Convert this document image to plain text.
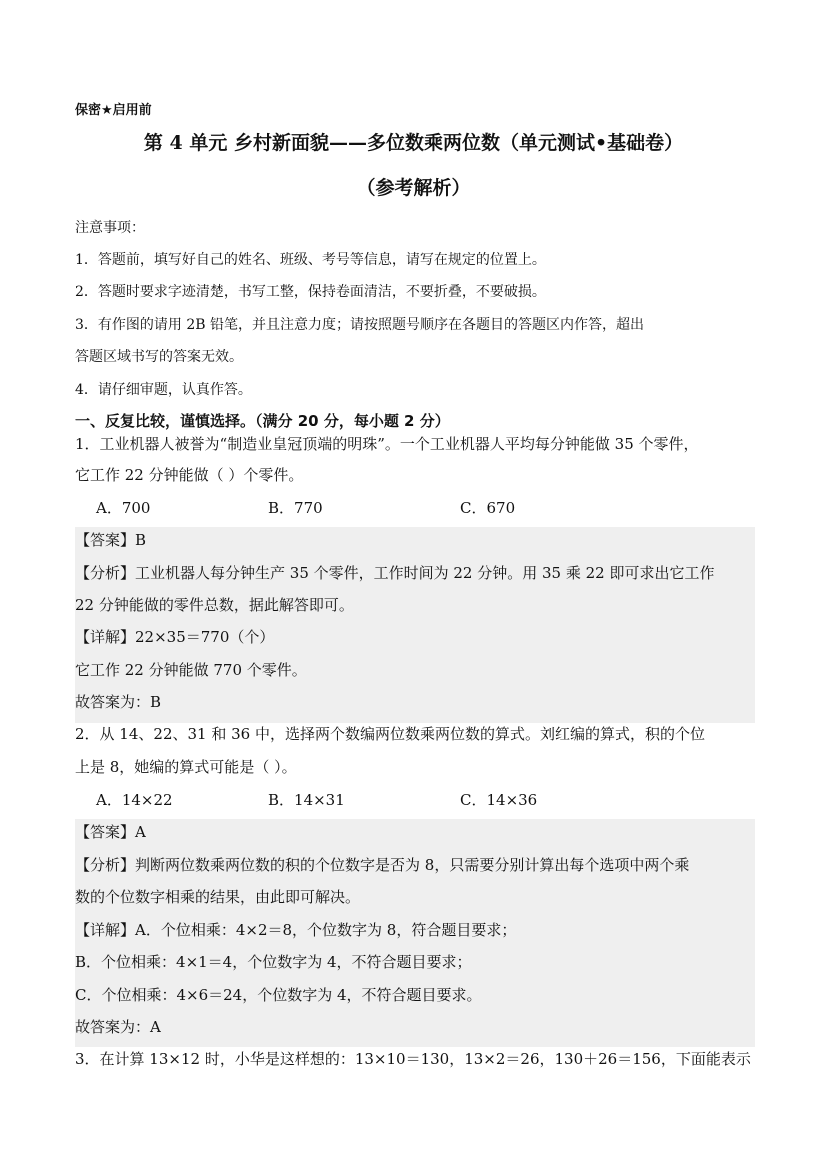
保密★启用前
第 4 单元 乡村新面貌——多位数乘两位数（单元测试•基础卷）
（参考解析）
注意事项：
1．答题前，填写好自己的姓名、班级、考号等信息，请写在规定的位置上。
2．答题时要求字迹清楚，书写工整，保持卷面清洁，不要折叠，不要破损。
3．有作图的请用 2B 铅笔，并且注意力度；请按照题号顺序在各题目的答题区内作答，超出
答题区域书写的答案无效。
4．请仔细审题，认真作答。
一、反复比较，谨慎选择。（满分 20 分，每小题 2 分）
1．工业机器人被誉为“制造业皇冠顶端的明珠”。一个工业机器人平均每分钟能做 35 个零件，
它工作 22 分钟能做（ ）个零件。
A．700	B．770	C．670
【答案】B
【分析】工业机器人每分钟生产 35 个零件，工作时间为 22 分钟。用 35 乘 22 即可求出它工作
22 分钟能做的零件总数，据此解答即可。
【详解】22×35＝770（个）
它工作 22 分钟能做 770 个零件。
故答案为：B
2．从 14、22、31 和 36 中，选择两个数编两位数乘两位数的算式。刘红编的算式，积的个位
上是 8，她编的算式可能是（ ）。
A．14×22	B．14×31	C．14×36
【答案】A
【分析】判断两位数乘两位数的积的个位数字是否为 8，只需要分别计算出每个选项中两个乘
数的个位数字相乘的结果，由此即可解决。
【详解】A．个位相乘：4×2＝8，个位数字为 8，符合题目要求；
B．个位相乘：4×1＝4，个位数字为 4，不符合题目要求；
C．个位相乘：4×6＝24，个位数字为 4，不符合题目要求。
故答案为：A
3．在计算 13×12 时，小华是这样想的：13×10＝130，13×2＝26，130＋26＝156，下面能表示
